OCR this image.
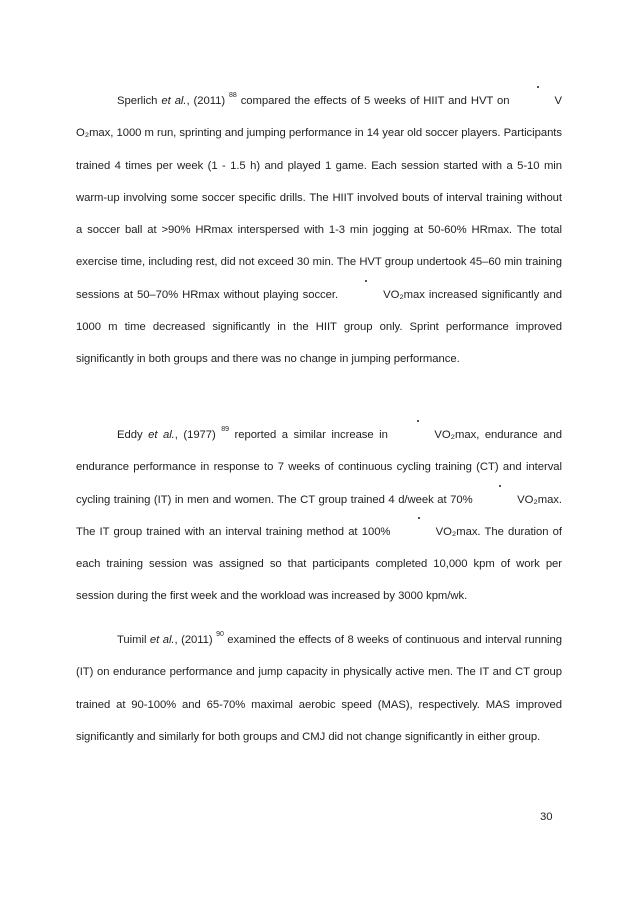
Sperlich et al., (2011) $^{88}$ compared the effects of 5 weeks of HIIT and HVT on	VO₂max, 1000 m run, sprinting and jumping performance in 14 year old soccer players. Participants trained 4 times per week (1 - 1.5 h) and played 1 game. Each session started with a 5-10 min warm-up involving some soccer specific drills. The HIIT involved bouts of interval training without a soccer ball at >90% HRmax interspersed with 1-3 min jogging at 50-60% HRmax. The total exercise time, including rest, did not exceed 30 min. The HVT group undertook 45–60 min training sessions at 50–70% HRmax without playing soccer.	VO₂max increased significantly and 1000 m time decreased significantly in the HIIT group only. Sprint performance improved significantly in both groups and there was no change in jumping performance.

Eddy et al., (1977) $^{89}$ reported a similar increase in	VO₂max, endurance and endurance performance in response to 7 weeks of continuous cycling training (CT) and interval cycling training (IT) in men and women. The CT group trained 4 d/week at 70%	VO₂max. The IT group trained with an interval training method at 100%	VO₂max. The duration of each training session was assigned so that participants completed 10,000 kpm of work per session during the first week and the workload was increased by 3000 kpm/wk.

Tuimil et al., (2011) $^{90}$ examined the effects of 8 weeks of continuous and interval running (IT) on endurance performance and jump capacity in physically active men. The IT and CT group trained at 90-100% and 65-70% maximal aerobic speed (MAS), respectively. MAS improved significantly and similarly for both groups and CMJ did not change significantly in either group.

30
